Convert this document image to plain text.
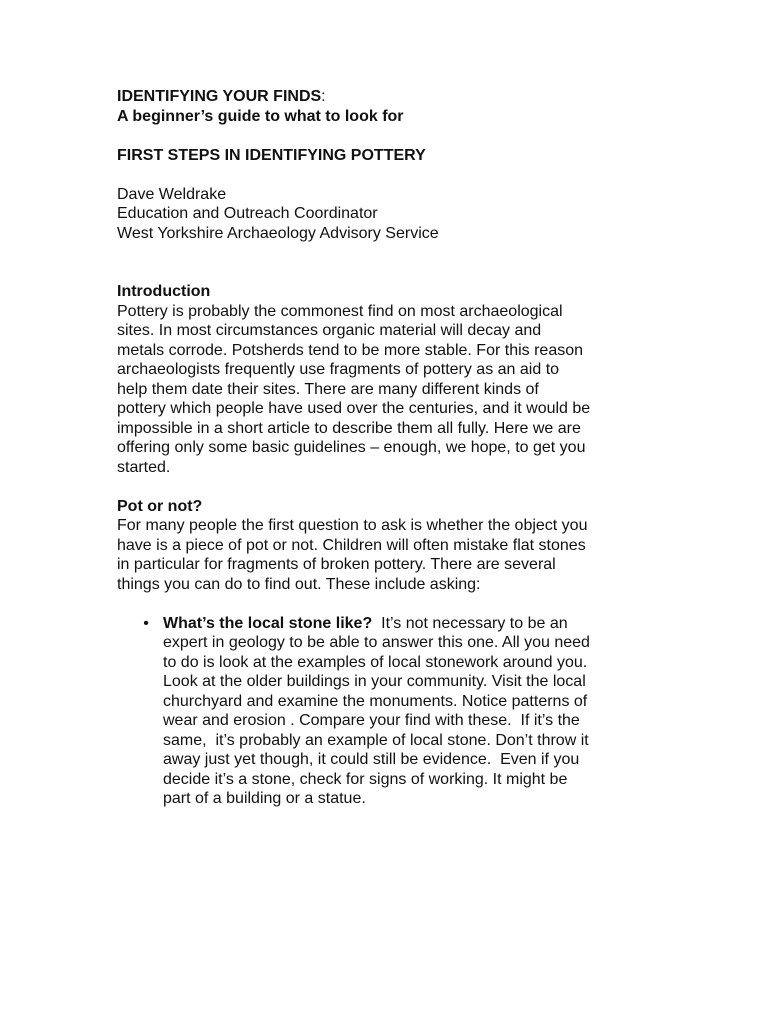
IDENTIFYING YOUR FINDS:
A beginner’s guide to what to look for
FIRST STEPS IN IDENTIFYING POTTERY
Dave Weldrake
Education and Outreach Coordinator
West Yorkshire Archaeology Advisory Service
Introduction
Pottery is probably the commonest find on most archaeological
sites. In most circumstances organic material will decay and
metals corrode. Potsherds tend to be more stable. For this reason
archaeologists frequently use fragments of pottery as an aid to
help them date their sites. There are many different kinds of
pottery which people have used over the centuries, and it would be
impossible in a short article to describe them all fully. Here we are
offering only some basic guidelines – enough, we hope, to get you
started.
Pot or not?
For many people the first question to ask is whether the object you
have is a piece of pot or not. Children will often mistake flat stones
in particular for fragments of broken pottery. There are several
things you can do to find out. These include asking:
• What’s the local stone like?  It’s not necessary to be an
expert in geology to be able to answer this one. All you need
to do is look at the examples of local stonework around you.
Look at the older buildings in your community. Visit the local
churchyard and examine the monuments. Notice patterns of
wear and erosion . Compare your find with these.  If it’s the
same,  it’s probably an example of local stone. Don’t throw it
away just yet though, it could still be evidence.  Even if you
decide it’s a stone, check for signs of working. It might be
part of a building or a statue.
